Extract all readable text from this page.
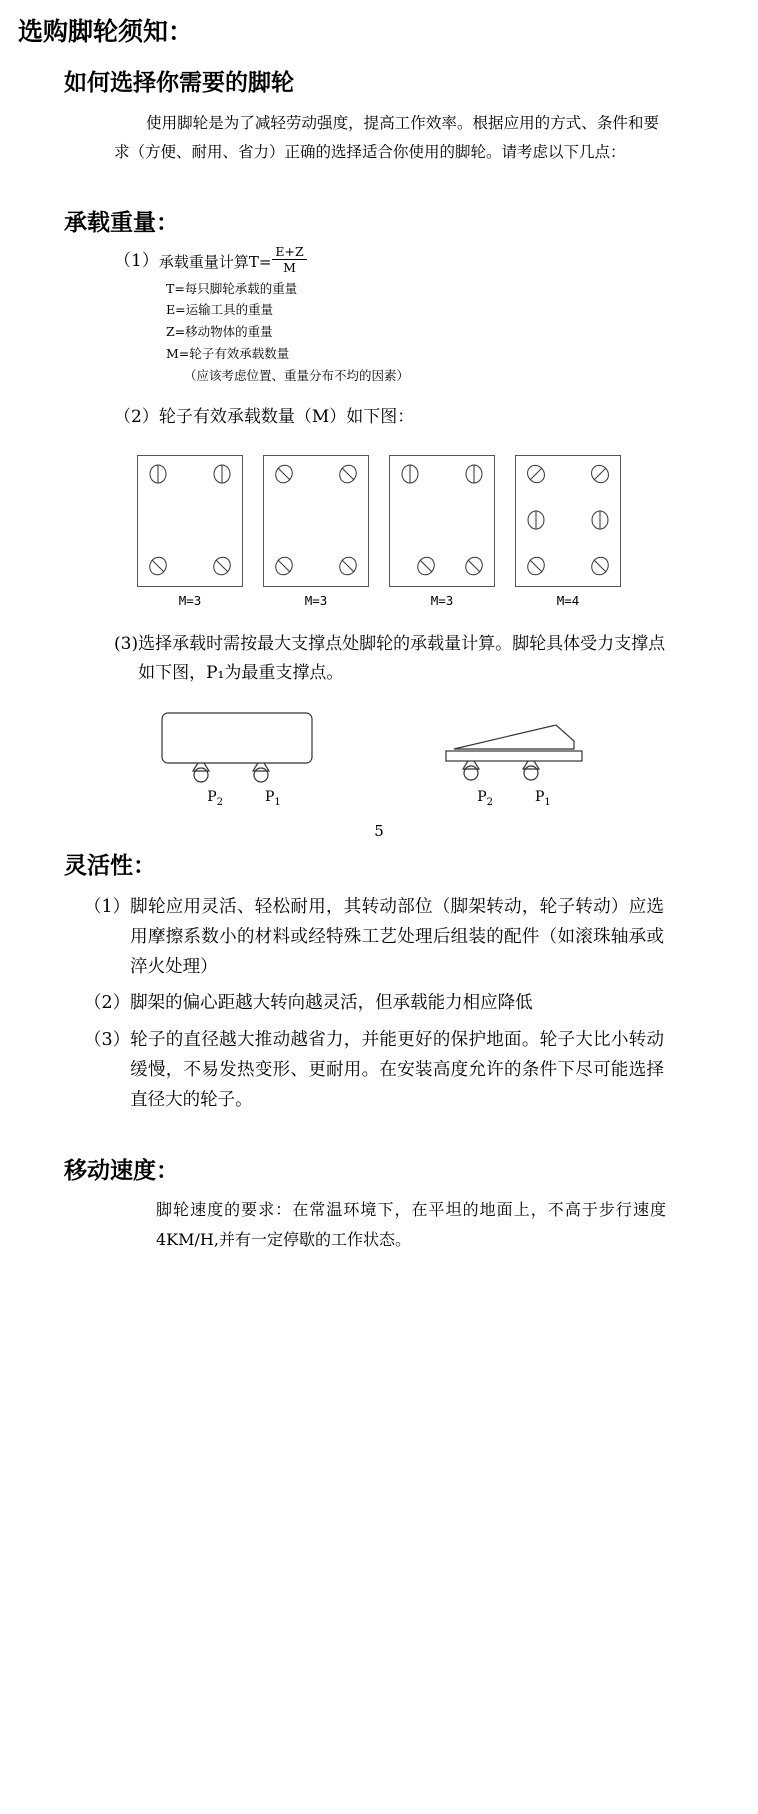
选购脚轮须知：
如何选择你需要的脚轮

使用脚轮是为了减轻劳动强度，提高工作效率。根据应用的方式、条件和要求（方便、耐用、省力）正确的选择适合你使用的脚轮。请考虑以下几点：

承载重量：
（1） 承载重量计算$T= \frac{E+Z}{M}$
T=每只脚轮承载的重量
E=运输工具的重量
Z=移动物体的重量
M=轮子有效承载数量
（应该考虑位置、重量分布不均的因素）
（2） 轮子有效承载数量（M）如下图：
M=3	M=3	M=3	M=4
(3) 选择承载时需按最大支撑点处脚轮的承载量计算。脚轮具体受力支撑点如下图，P₁为最重支撑点。
$P_2$	$P_1$	$P_2$	$P_1$
5
灵活性：
（1） 脚轮应用灵活、轻松耐用，其转动部位（脚架转动，轮子转动）应选用摩擦系数小的材料或经特殊工艺处理后组装的配件（如滚珠轴承或淬火处理）
（2） 脚架的偏心距越大转向越灵活，但承载能力相应降低
（3） 轮子的直径越大推动越省力，并能更好的保护地面。轮子大比小转动缓慢，不易发热变形、更耐用。在安装高度允许的条件下尽可能选择直径大的轮子。
移动速度：

脚轮速度的要求：在常温环境下，在平坦的地面上，不高于步行速度4KM/H,并有一定停歇的工作状态。
